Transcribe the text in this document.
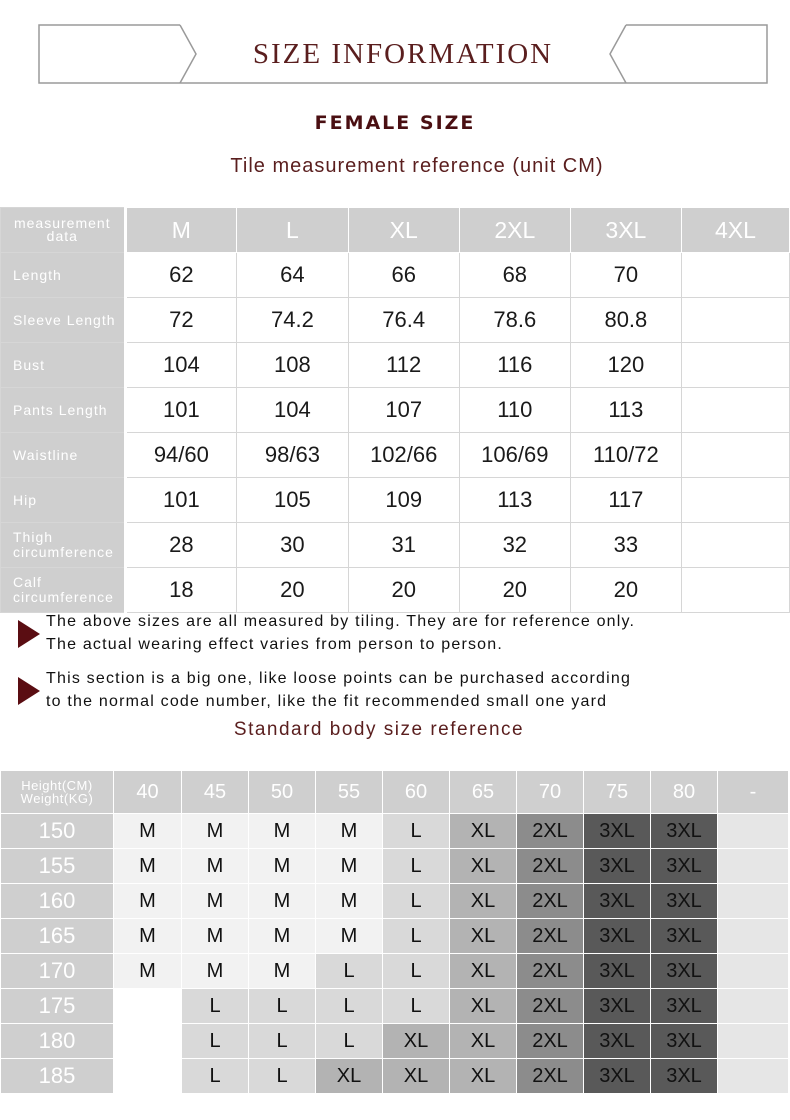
SIZE INFORMATION
FEMALE SIZE
Tile measurement reference (unit CM)
measurement data	M	L	XL	2XL	3XL	4XL
Length	62	64	66	68	70	
Sleeve Length	72	74.2	76.4	78.6	80.8	
Bust	104	108	112	116	120	
Pants Length	101	104	107	110	113	
Waistline	94/60	98/63	102/66	106/69	110/72	
Hip	101	105	109	113	117	
Thigh circumference	28	30	31	32	33	
Calf circumference	18	20	20	20	20	
The above sizes are all measured by tiling. They are for reference only.
The actual wearing effect varies from person to person.
This section is a big one, like loose points can be purchased according
to the normal code number, like the fit recommended small one yard
Standard body size reference
Height(CM)
Weight(KG)	40	45	50	55	60	65	70	75	80	-
150	M	M	M	M	L	XL	2XL	3XL	3XL	
155	M	M	M	M	L	XL	2XL	3XL	3XL	
160	M	M	M	M	L	XL	2XL	3XL	3XL	
165	M	M	M	M	L	XL	2XL	3XL	3XL	
170	M	M	M	L	L	XL	2XL	3XL	3XL	
175		L	L	L	L	XL	2XL	3XL	3XL	
180		L	L	L	XL	XL	2XL	3XL	3XL	
185		L	L	XL	XL	XL	2XL	3XL	3XL	
